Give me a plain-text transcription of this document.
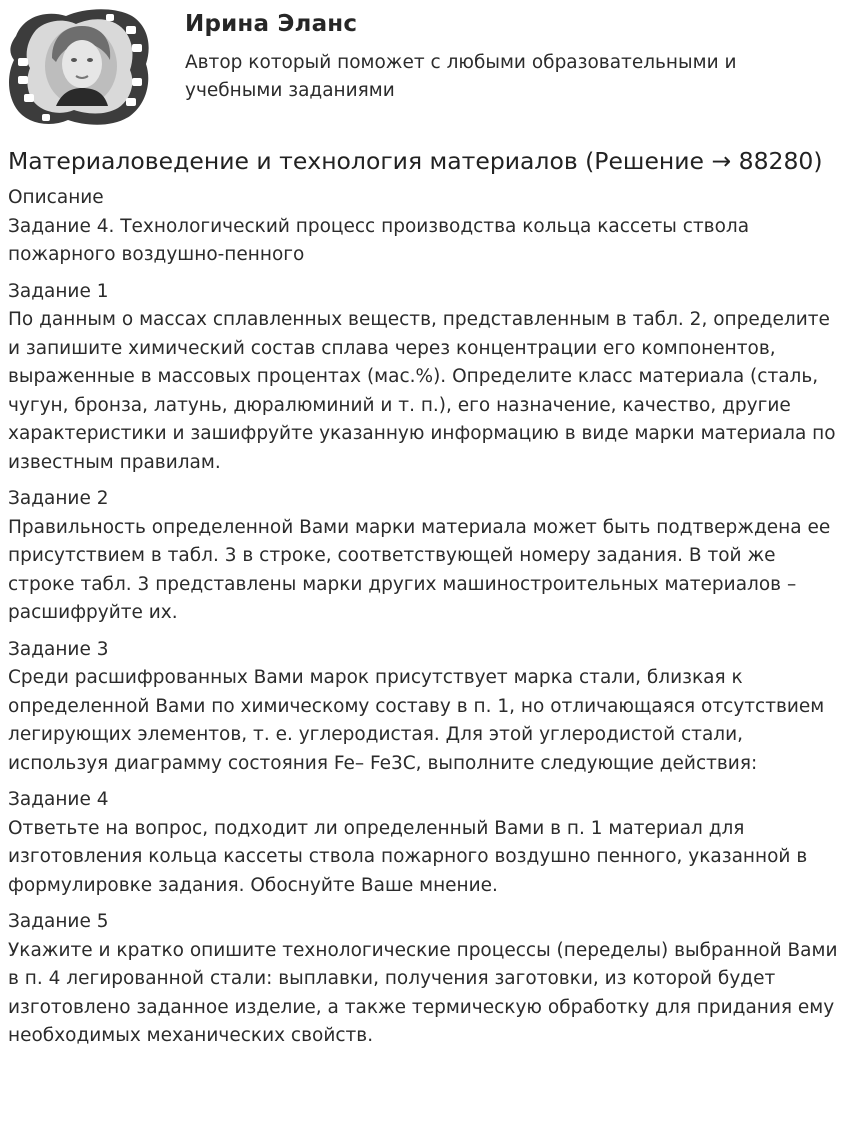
Ирина Эланс
Автор который поможет с любыми образовательными и учебными заданиями
Материаловедение и технология материалов (Решение → 88280)
Описание
Задание 4. Технологический процесс производства кольца кассеты ствола пожарного воздушно-пенного
Задание 1
По данным о массах сплавленных веществ, представленным в табл. 2, определите и запишите химический состав сплава через концентрации его компонентов, выраженные в массовых процентах (мас.%). Определите класс материала (сталь, чугун, бронза, латунь, дюралюминий и т. п.), его назначение, качество, другие характеристики и зашифруйте указанную информацию в виде марки материала по известным правилам.
Задание 2
Правильность определенной Вами марки материала может быть подтверждена ее присутствием в табл. 3 в строке, соответствующей номеру задания. В той же строке табл. 3 представлены марки других машиностроительных материалов – расшифруйте их.
Задание 3
Среди расшифрованных Вами марок присутствует марка стали, близкая к определенной Вами по химическому составу в п. 1, но отличающаяся отсутствием легирующих элементов, т. е. углеродистая. Для этой углеродистой стали, используя диаграмму состояния Fe– Fe3C, выполните следующие действия:
Задание 4
Ответьте на вопрос, подходит ли определенный Вами в п. 1 материал для изготовления кольца кассеты ствола пожарного воздушно пенного, указанной в формулировке задания. Обоснуйте Ваше мнение.
Задание 5
Укажите и кратко опишите технологические процессы (переделы) выбранной Вами в п. 4 легированной стали: выплавки, получения заготовки, из которой будет изготовлено заданное изделие, а также термическую обработку для придания ему необходимых механических свойств.
